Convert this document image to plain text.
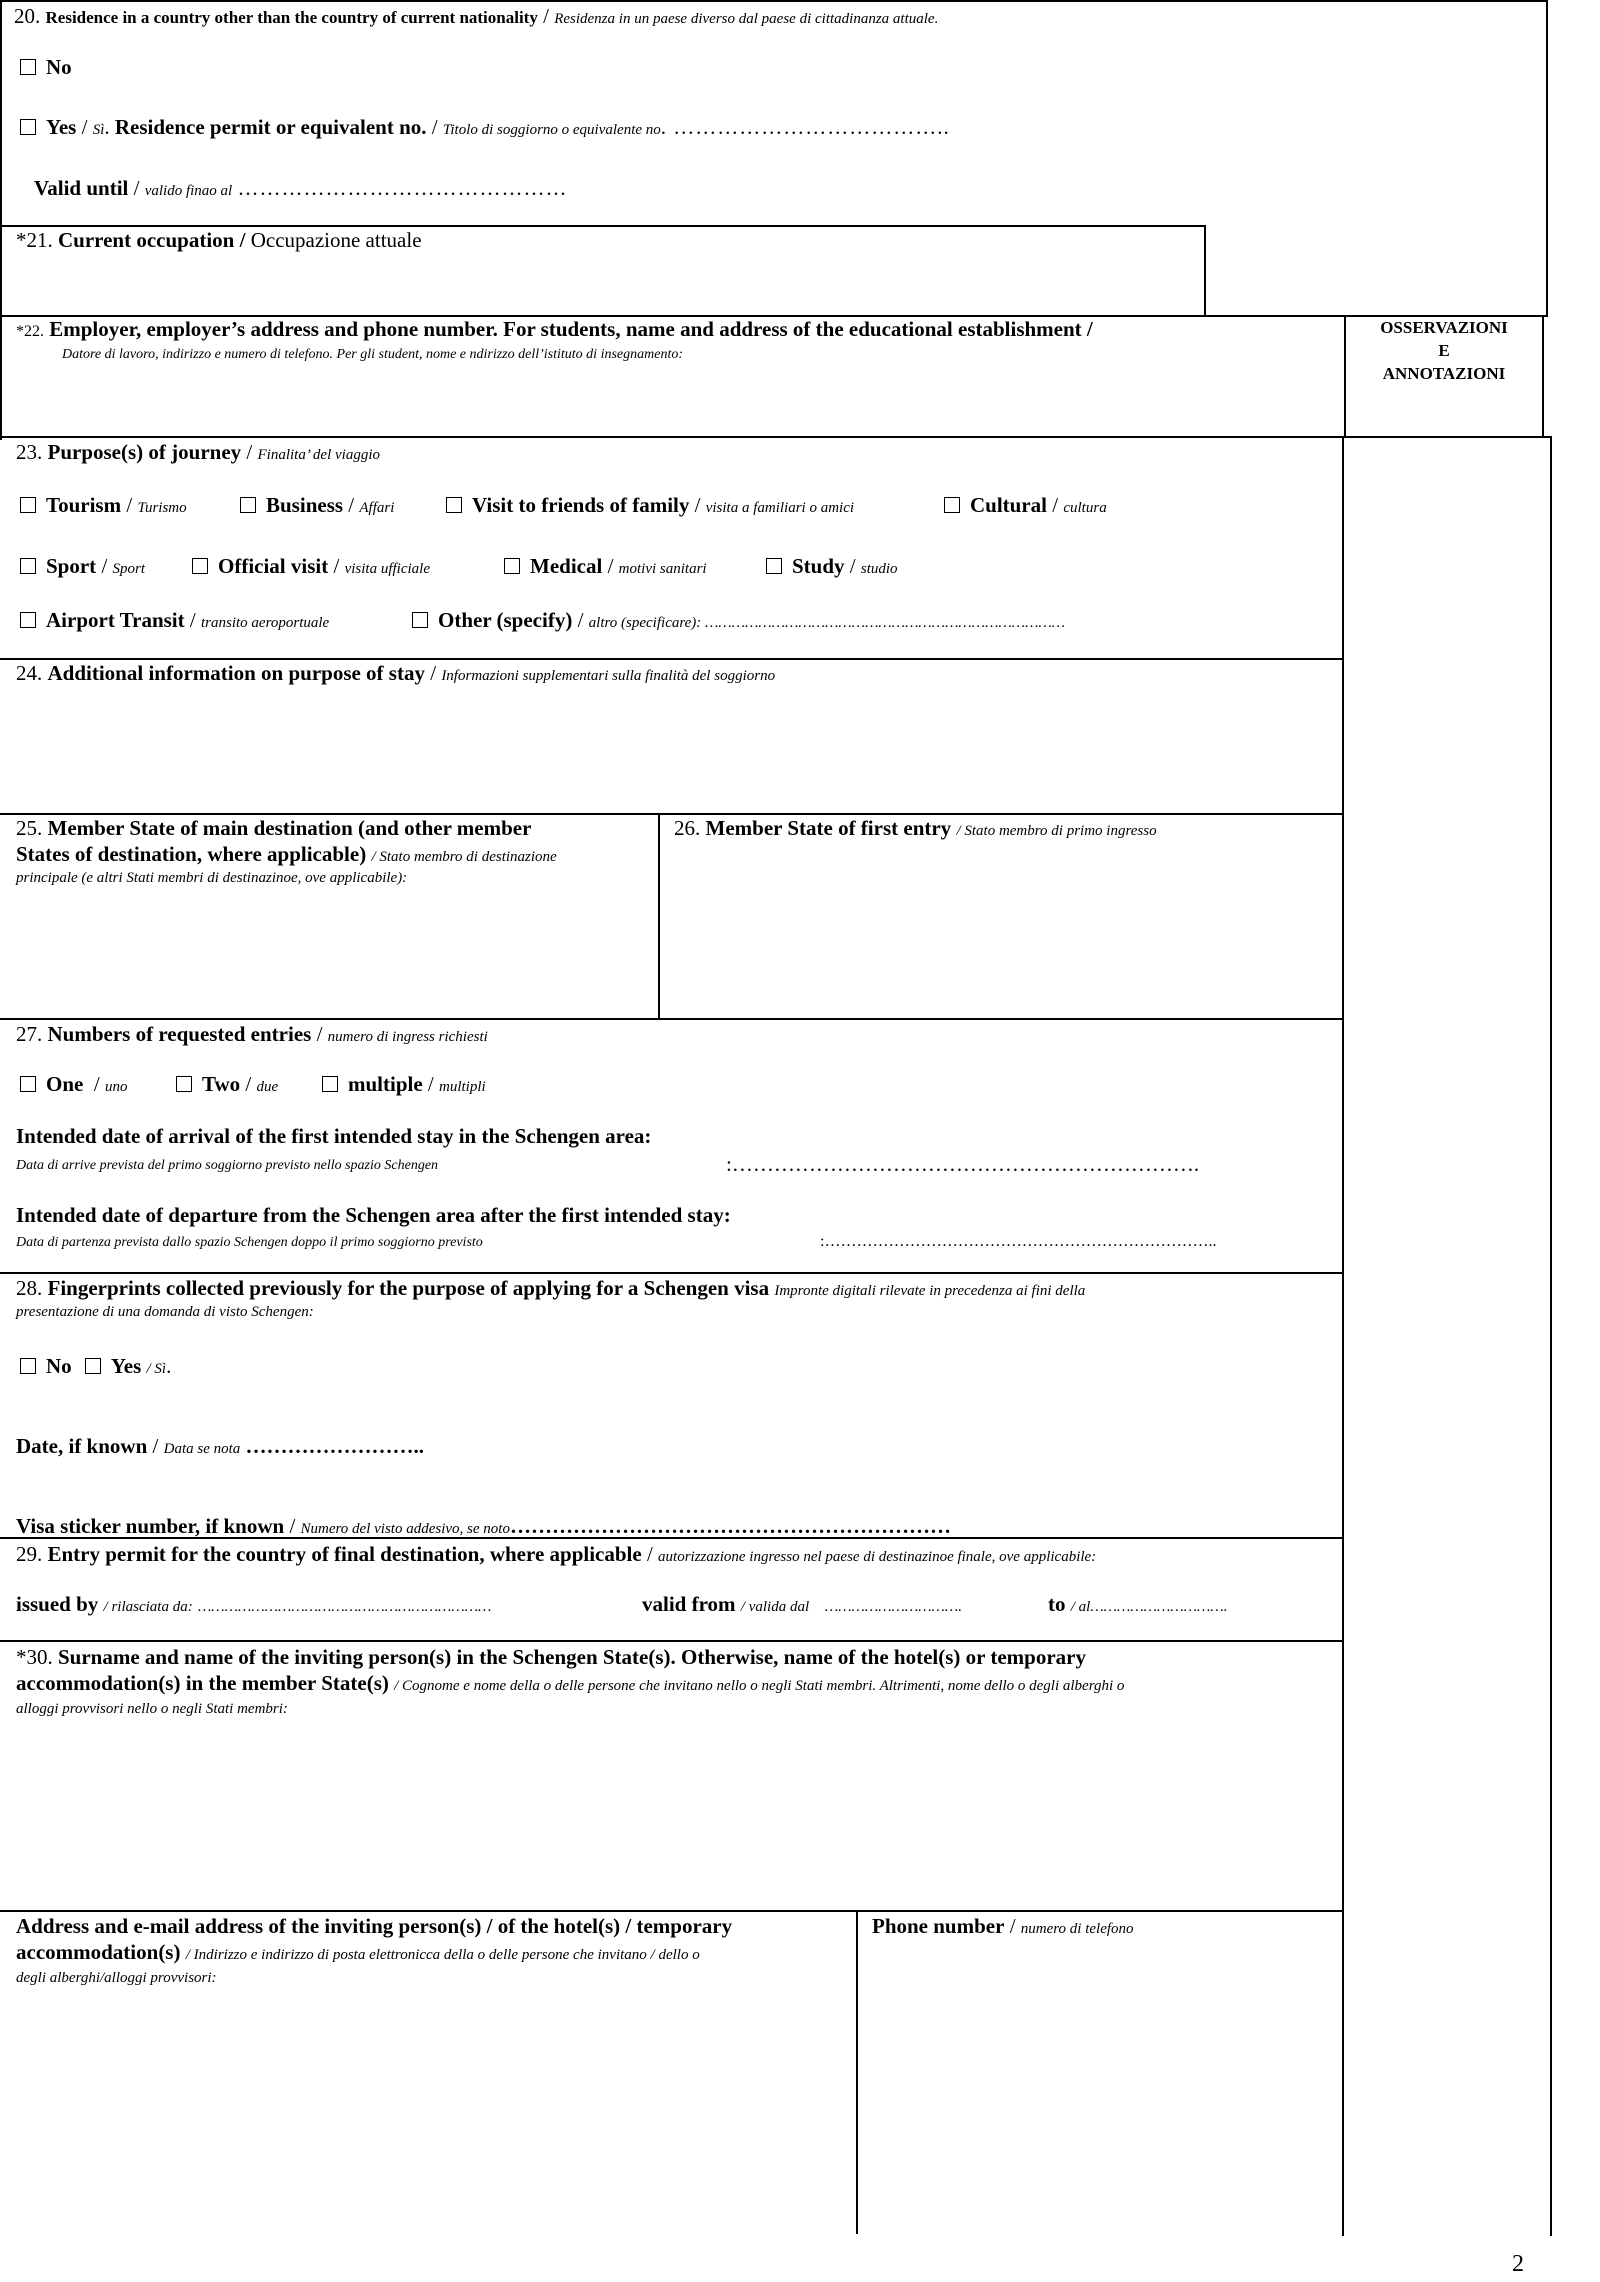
20. Residence in a country other than the country of current nationality / Residenza in un paese diverso dal paese di cittadinanza attuale.
No
Yes / Sì. Residence permit or equivalent no. / Titolo di soggiorno o equivalente no. ………………………………..
Valid until / valido finao al ………………………………………
*21. Current occupation / Occupazione attuale
*22. Employer, employer’s address and phone number. For students, name and address of the educational establishment /
Datore di lavoro, indirizzo e numero di telefono. Per gli student, nome e ndirizzo dell’istituto di insegnamento:
OSSERVAZIONI
E
ANNOTAZIONI
23. Purpose(s) of journey / Finalita’ del viaggio
Tourism / Turismo	Business / Affari	Visit to friends of family / visita a familiari o amici	Cultural / cultura
Sport / Sport	Official visit / visita ufficiale	Medical / motivi sanitari	Study / studio
Airport Transit / transito aeroportuale	Other (specify) / altro (specificare): ………………………………………………………………………
24. Additional information on purpose of stay / Informazioni supplementari sulla finalità del soggiorno
25. Member State of main destination (and other member
States of destination, where applicable) / Stato membro di destinazione
principale (e altri Stati membri di destinazinoe, ove applicabile):
26. Member State of first entry / Stato membro di primo ingresso
27. Numbers of requested entries / numero di ingress richiesti
One  / uno	Two / due	multiple / multipli
Intended date of arrival of the first intended stay in the Schengen area:
Data di arrive prevista del primo soggiorno previsto nello spazio Schengen	:………………………………………………………….
Intended date of departure from the Schengen area after the first intended stay:
Data di partenza prevista dallo spazio Schengen doppo il primo soggiorno previsto	:………………………………………………………………..
28. Fingerprints collected previously for the purpose of applying for a Schengen visa Impronte digitali rilevate in precedenza ai fini della
presentazione di una domanda di visto Schengen:
No Yes / Sì.
Date, if known / Data se nota ……………………..
Visa sticker number, if known / Numero del visto addesivo, se noto………………………………………………………
29. Entry permit for the country of final destination, where applicable / autorizzazione ingresso nel paese di destinazinoe finale, ove applicabile:
issued by / rilasciata da: …………………………………………………………	valid from / valida dal ………………………….	to / al………………………….
*30. Surname and name of the inviting person(s) in the Schengen State(s). Otherwise, name of the hotel(s) or temporary
accommodation(s) in the member State(s) / Cognome e nome della o delle persone che invitano nello o negli Stati membri. Altrimenti, nome dello o degli alberghi o
alloggi provvisori nello o negli Stati membri:
Address and e-mail address of the inviting person(s) / of the hotel(s) / temporary
accommodation(s) / Indirizzo e indirizzo di posta elettronicca della o delle persone che invitano / dello o
degli alberghi/alloggi provvisori:
Phone number / numero di telefono
2
